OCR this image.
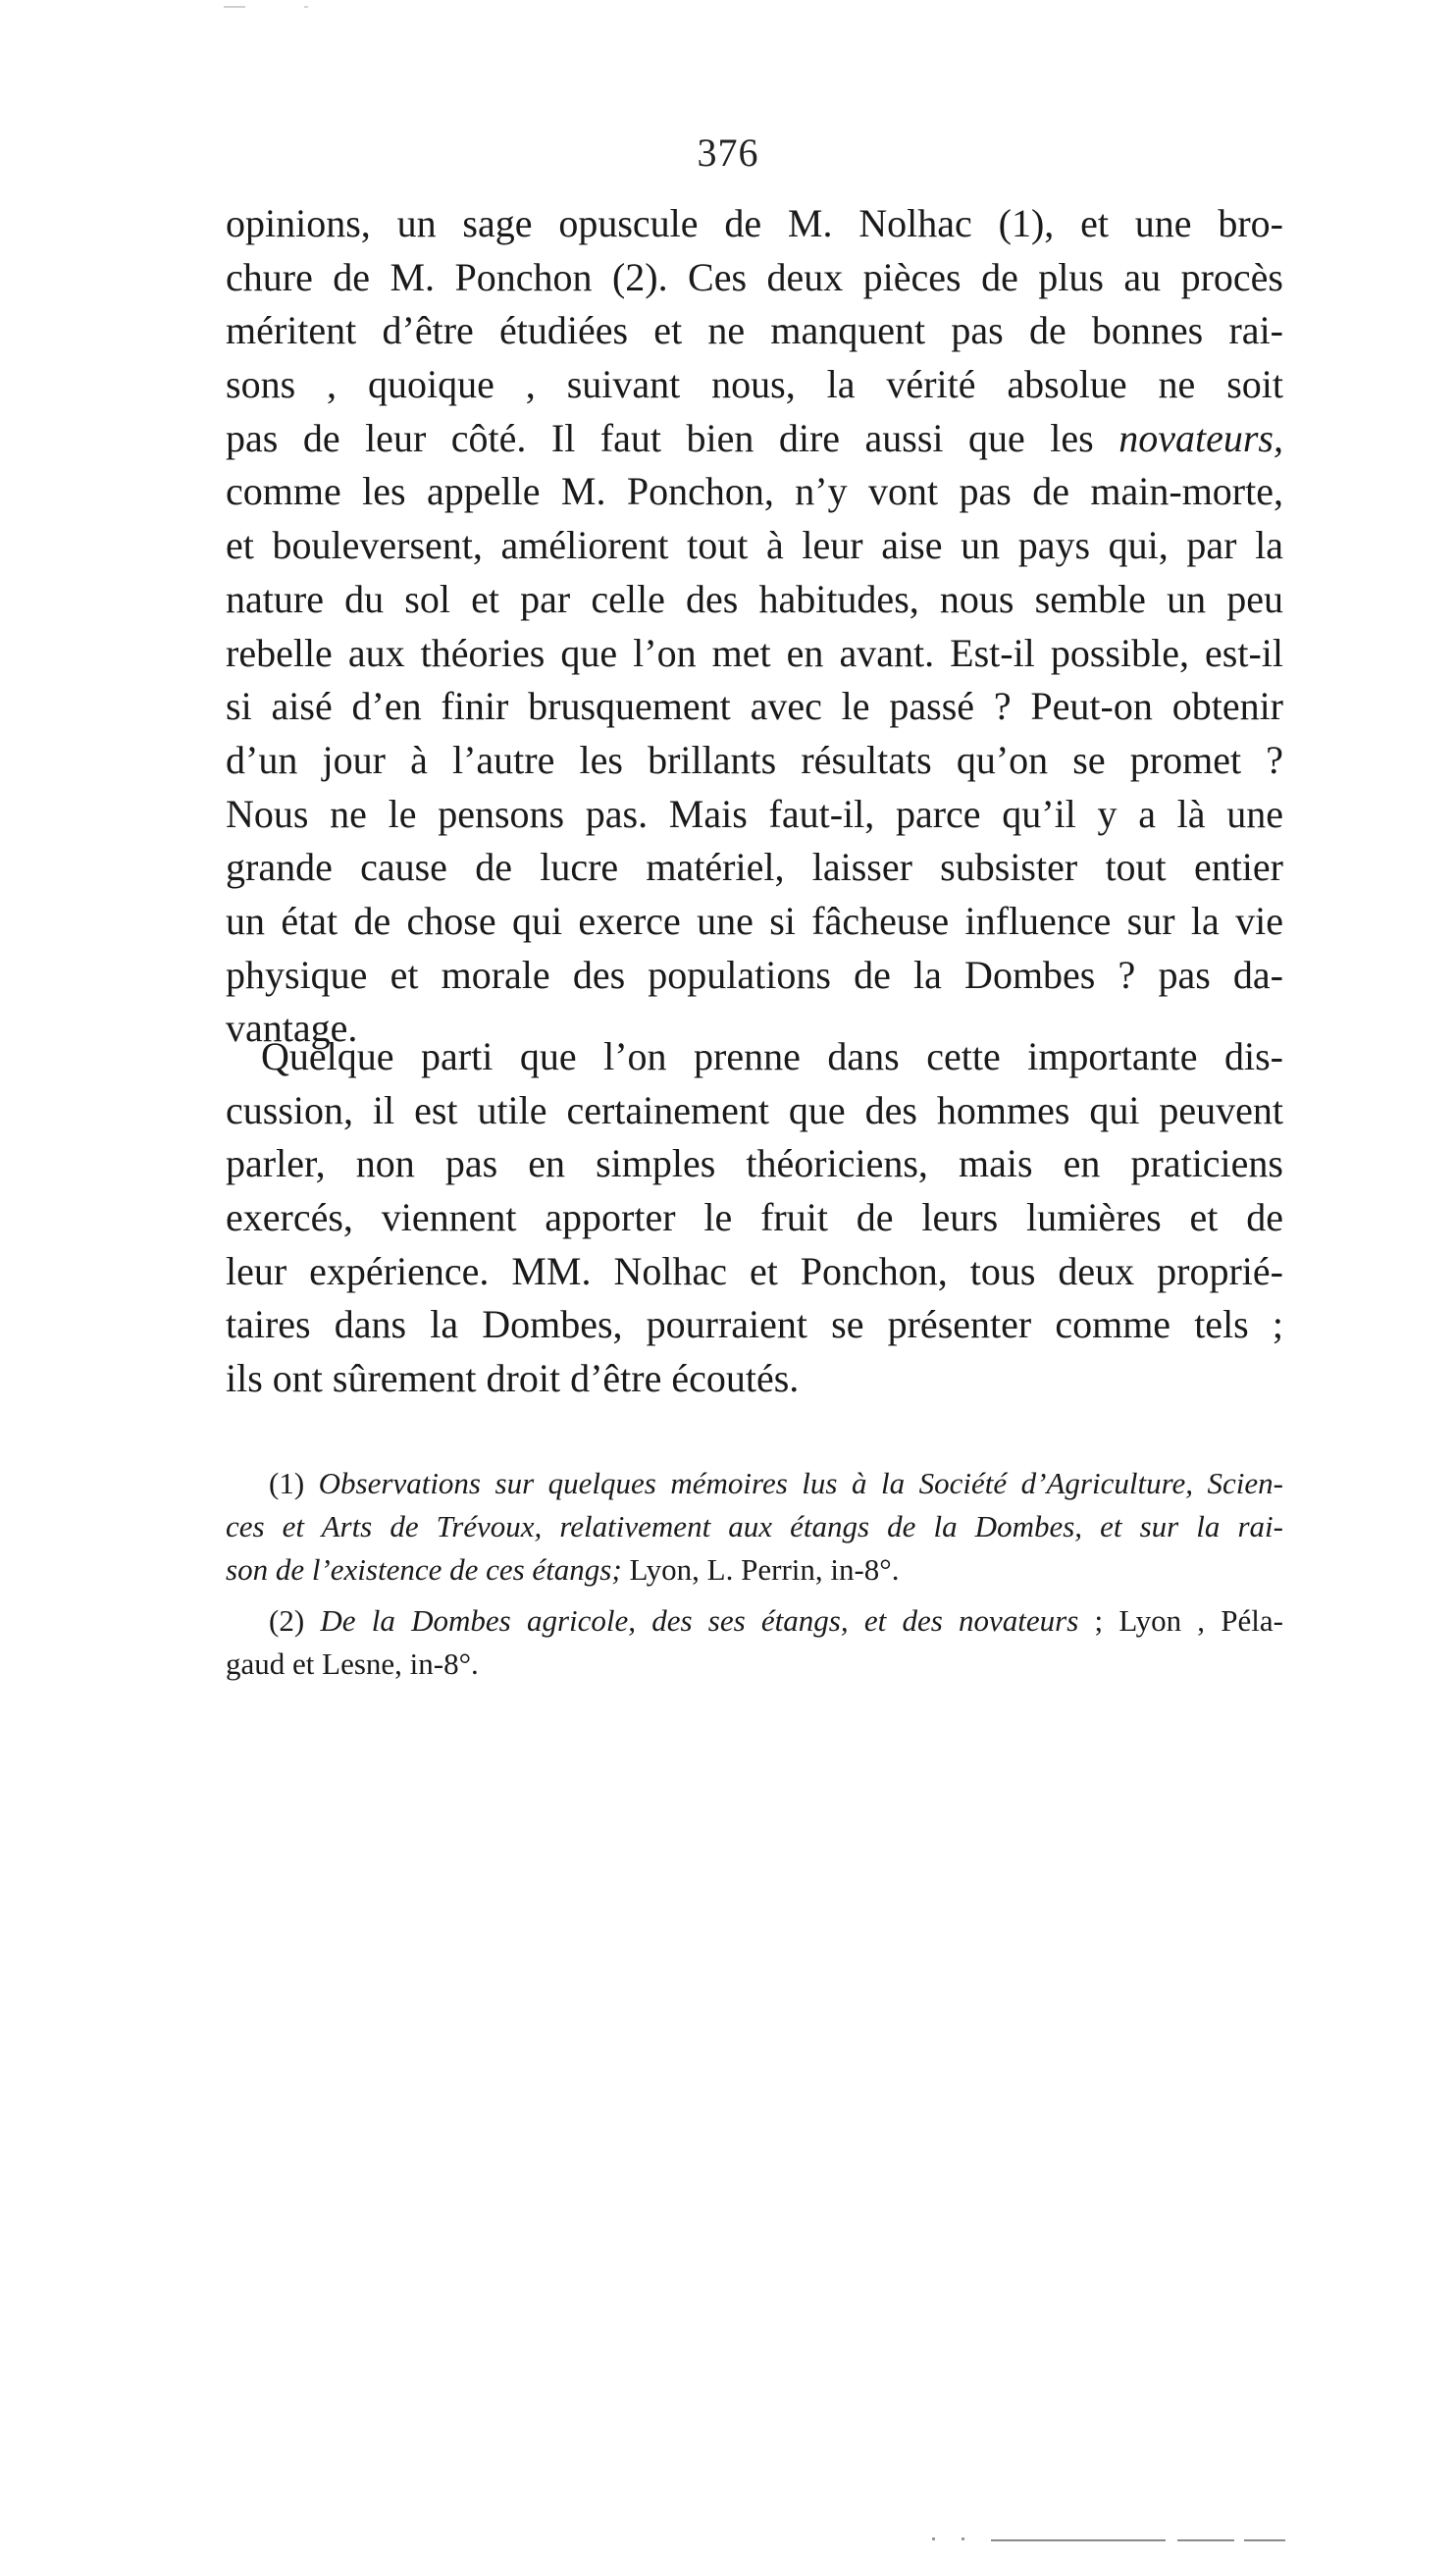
376
opinions, un sage opuscule de M. Nolhac (1), et une bro-
chure de M. Ponchon (2). Ces deux pièces de plus au procès
méritent d’être étudiées et ne manquent pas de bonnes rai-
sons , quoique , suivant nous, la vérité absolue ne soit
pas de leur côté. Il faut bien dire aussi que les novateurs,
comme les appelle M. Ponchon, n’y vont pas de main-morte,
et bouleversent, améliorent tout à leur aise un pays qui, par la
nature du sol et par celle des habitudes, nous semble un peu
rebelle aux théories que l’on met en avant. Est-il possible, est-il
si aisé d’en finir brusquement avec le passé ? Peut-on obtenir
d’un jour à l’autre les brillants résultats qu’on se promet ?
Nous ne le pensons pas. Mais faut-il, parce qu’il y a là une
grande cause de lucre matériel, laisser subsister tout entier
un état de chose qui exerce une si fâcheuse influence sur la vie
physique et morale des populations de la Dombes ? pas da-
vantage.
Quelque parti que l’on prenne dans cette importante dis-
cussion, il est utile certainement que des hommes qui peuvent
parler, non pas en simples théoriciens, mais en praticiens
exercés, viennent apporter le fruit de leurs lumières et de
leur expérience. MM. Nolhac et Ponchon, tous deux proprié-
taires dans la Dombes, pourraient se présenter comme tels ;
ils ont sûrement droit d’être écoutés.
(1) Observations sur quelques mémoires lus à la Société d’Agriculture, Scien-
ces et Arts de Trévoux, relativement aux étangs de la Dombes, et sur la rai-
son de l’existence de ces étangs; Lyon, L. Perrin, in-8°.
(2) De la Dombes agricole, des ses étangs, et des novateurs ; Lyon , Péla-
gaud et Lesne, in-8°.
